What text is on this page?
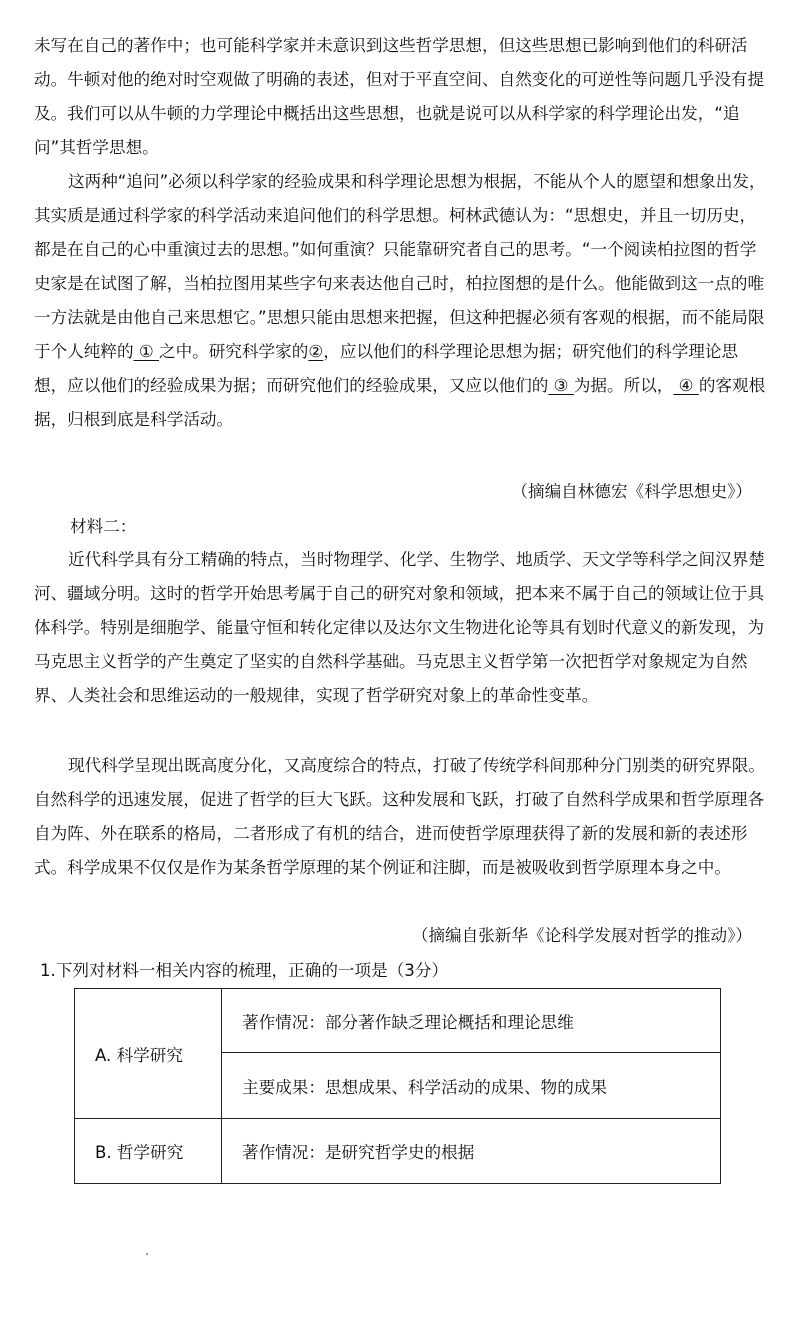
未写在自己的著作中；也可能科学家并未意识到这些哲学思想，但这些思想已影响到他们的科研活动。牛顿对他的绝对时空观做了明确的表述，但对于平直空间、自然变化的可逆性等问题几乎没有提及。我们可以从牛顿的力学理论中概括出这些思想，也就是说可以从科学家的科学理论出发，“追问”其哲学思想。

这两种“追问”必须以科学家的经验成果和科学理论思想为根据，不能从个人的愿望和想象出发，其实质是通过科学家的科学活动来追问他们的科学思想。柯林武德认为：“思想史，并且一切历史，都是在自己的心中重演过去的思想。”如何重演？只能靠研究者自己的思考。“一个阅读柏拉图的哲学史家是在试图了解，当柏拉图用某些字句来表达他自己时，柏拉图想的是什么。他能做到这一点的唯一方法就是由他自己来思想它。”思想只能由思想来把握，但这种把握必须有客观的根据，而不能局限于个人纯粹的 ① 之中。研究科学家的②，应以他们的科学理论思想为据；研究他们的科学理论思想，应以他们的经验成果为据；而研究他们的经验成果，又应以他们的 ③ 为据。所以， ④ 的客观根据，归根到底是科学活动。

（摘编自林德宏《科学思想史》）
材料二：

近代科学具有分工精确的特点，当时物理学、化学、生物学、地质学、天文学等科学之间汉界楚河、疆域分明。这时的哲学开始思考属于自己的研究对象和领域，把本来不属于自己的领域让位于具体科学。特别是细胞学、能量守恒和转化定律以及达尔文生物进化论等具有划时代意义的新发现，为马克思主义哲学的产生奠定了坚实的自然科学基础。马克思主义哲学第一次把哲学对象规定为自然界、人类社会和思维运动的一般规律，实现了哲学研究对象上的革命性变革。

现代科学呈现出既高度分化，又高度综合的特点，打破了传统学科间那种分门别类的研究界限。自然科学的迅速发展，促进了哲学的巨大飞跃。这种发展和飞跃，打破了自然科学成果和哲学原理各自为阵、外在联系的格局，二者形成了有机的结合，进而使哲学原理获得了新的发展和新的表述形式。科学成果不仅仅是作为某条哲学原理的某个例证和注脚，而是被吸收到哲学原理本身之中。

（摘编自张新华《论科学发展对哲学的推动》）
1.下列对材料一相关内容的梳理，正确的一项是（3分）
A. 科学研究	著作情况：部分著作缺乏理论概括和理论思维
	主要成果：思想成果、科学活动的成果、物的成果
B. 哲学研究	著作情况：是研究哲学史的根据
